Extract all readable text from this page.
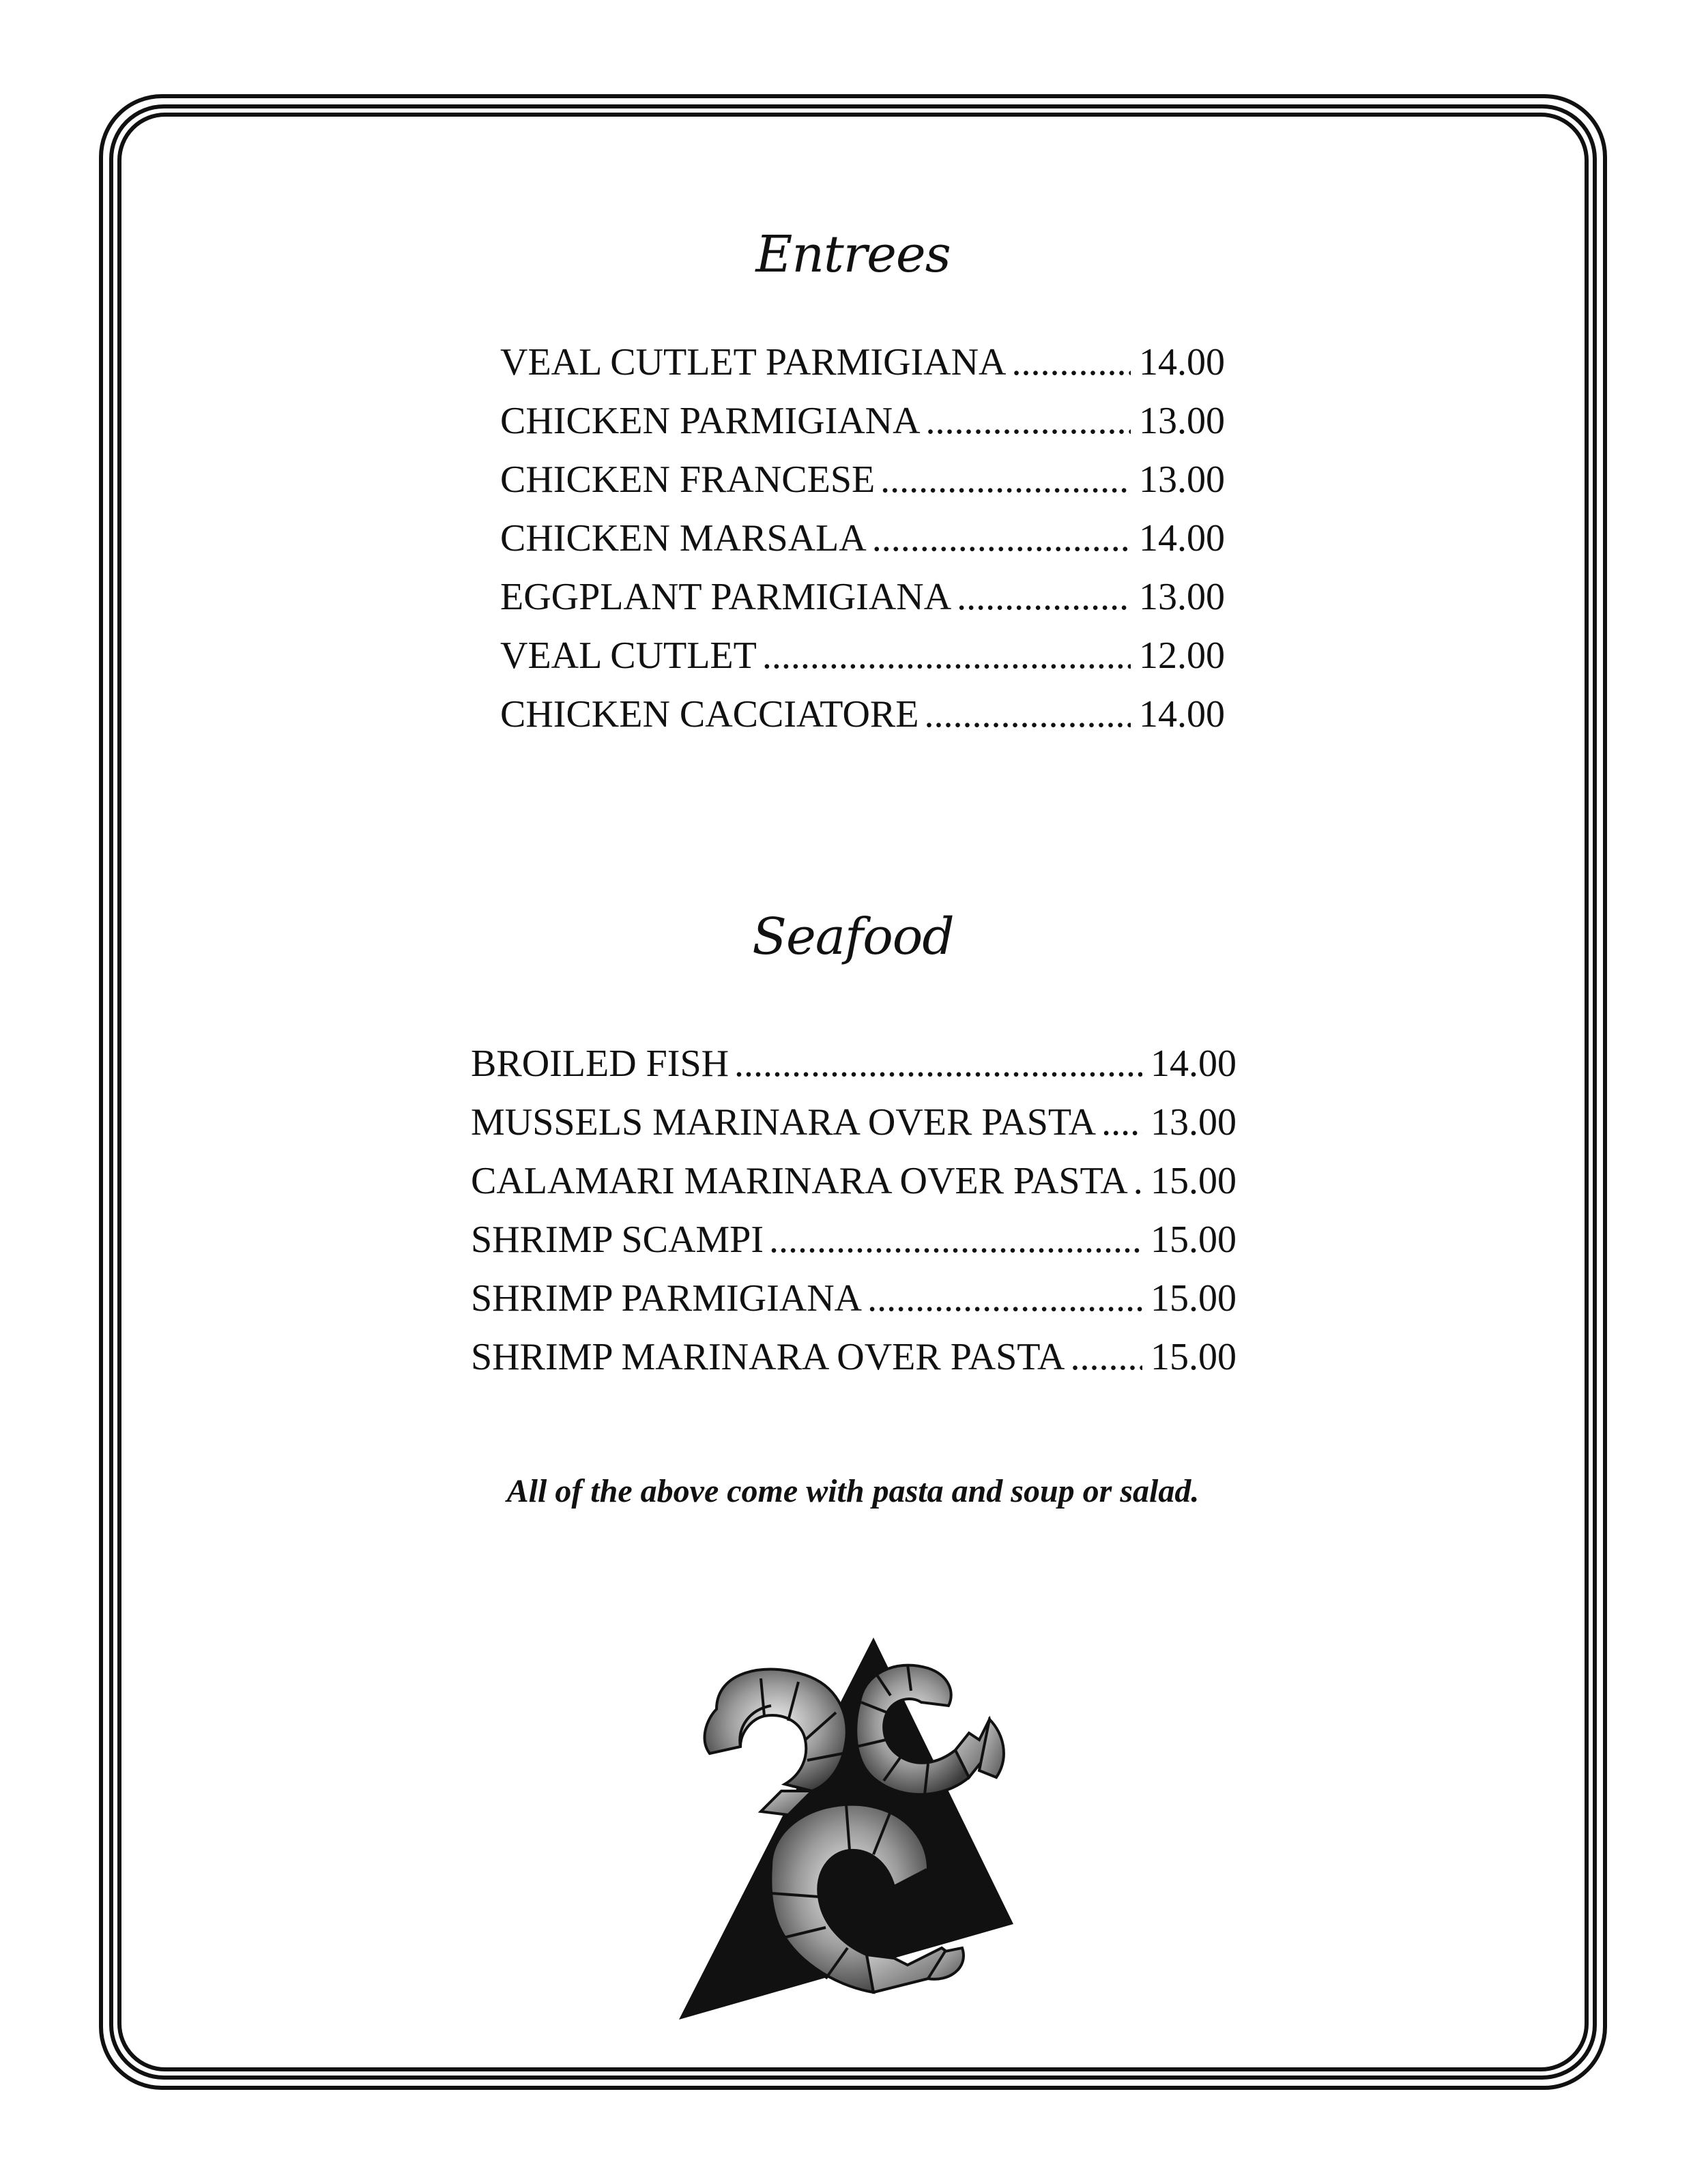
Entrees
VEAL CUTLET PARMIGIANA .....	14.00
CHICKEN PARMIGIANA .....	13.00
CHICKEN FRANCESE .....	13.00
CHICKEN MARSALA .....	14.00
EGGPLANT PARMIGIANA .....	13.00
VEAL CUTLET .....	12.00
CHICKEN CACCIATORE .....	14.00
Seafood
BROILED FISH .....	14.00
MUSSELS MARINARA OVER PASTA ..... 13.00
CALAMARI MARINARA OVER PASTA ..... 15.00
SHRIMP SCAMPI .....	15.00
SHRIMP PARMIGIANA .....	15.00
SHRIMP MARINARA OVER PASTA ..... 15.00
All of the above come with pasta and soup or salad.
